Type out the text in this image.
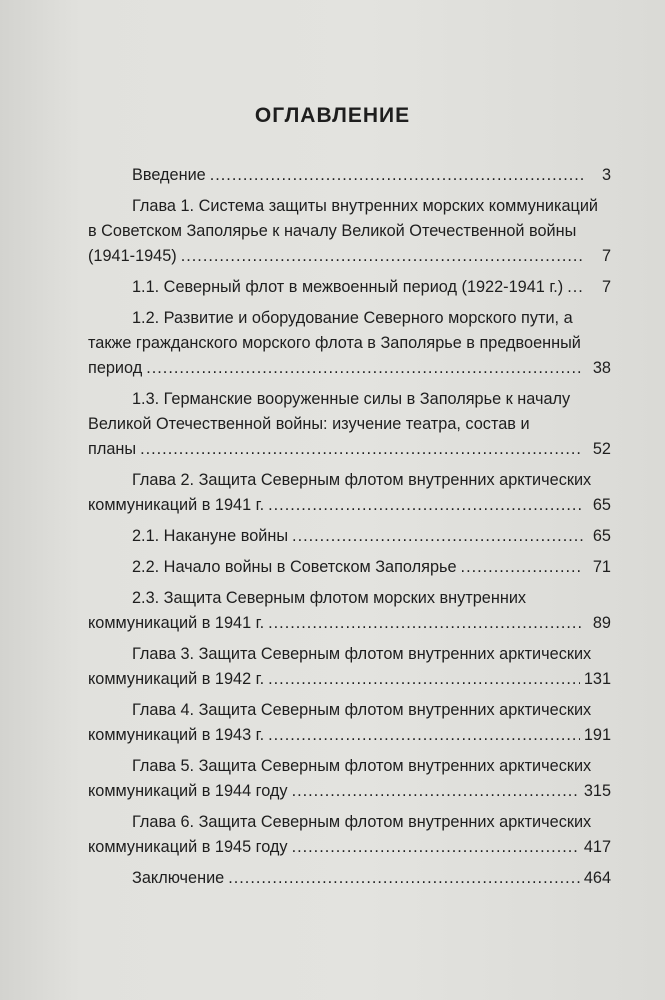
ОГЛАВЛЕНИЕ
Введение .....	3
Глава 1. Система защиты внутренних морских коммуникаций
в Советском Заполярье к началу Великой Отечественной войны
(1941-1945) .....	7
1.1. Северный флот в межвоенный период (1922-1941 г.) .....	7
1.2. Развитие и оборудование Северного морского пути, а
также гражданского морского флота в Заполярье в предвоенный
период .....	38
1.3. Германские вооруженные силы в Заполярье к началу
Великой Отечественной войны: изучение театра, состав и
планы .....	52
Глава 2. Защита Северным флотом внутренних арктических
коммуникаций в 1941 г. .....	65
2.1. Накануне войны .....	65
2.2. Начало войны в Советском Заполярье .....	71
2.3. Защита Северным флотом морских внутренних
коммуникаций в 1941 г. .....	89
Глава 3. Защита Северным флотом внутренних арктических
коммуникаций в 1942 г. .....	131
Глава 4. Защита Северным флотом внутренних арктических
коммуникаций в 1943 г. .....	191
Глава 5. Защита Северным флотом внутренних арктических
коммуникаций в 1944 году .....	315
Глава 6. Защита Северным флотом внутренних арктических
коммуникаций в 1945 году .....	417
Заключение .....	464
